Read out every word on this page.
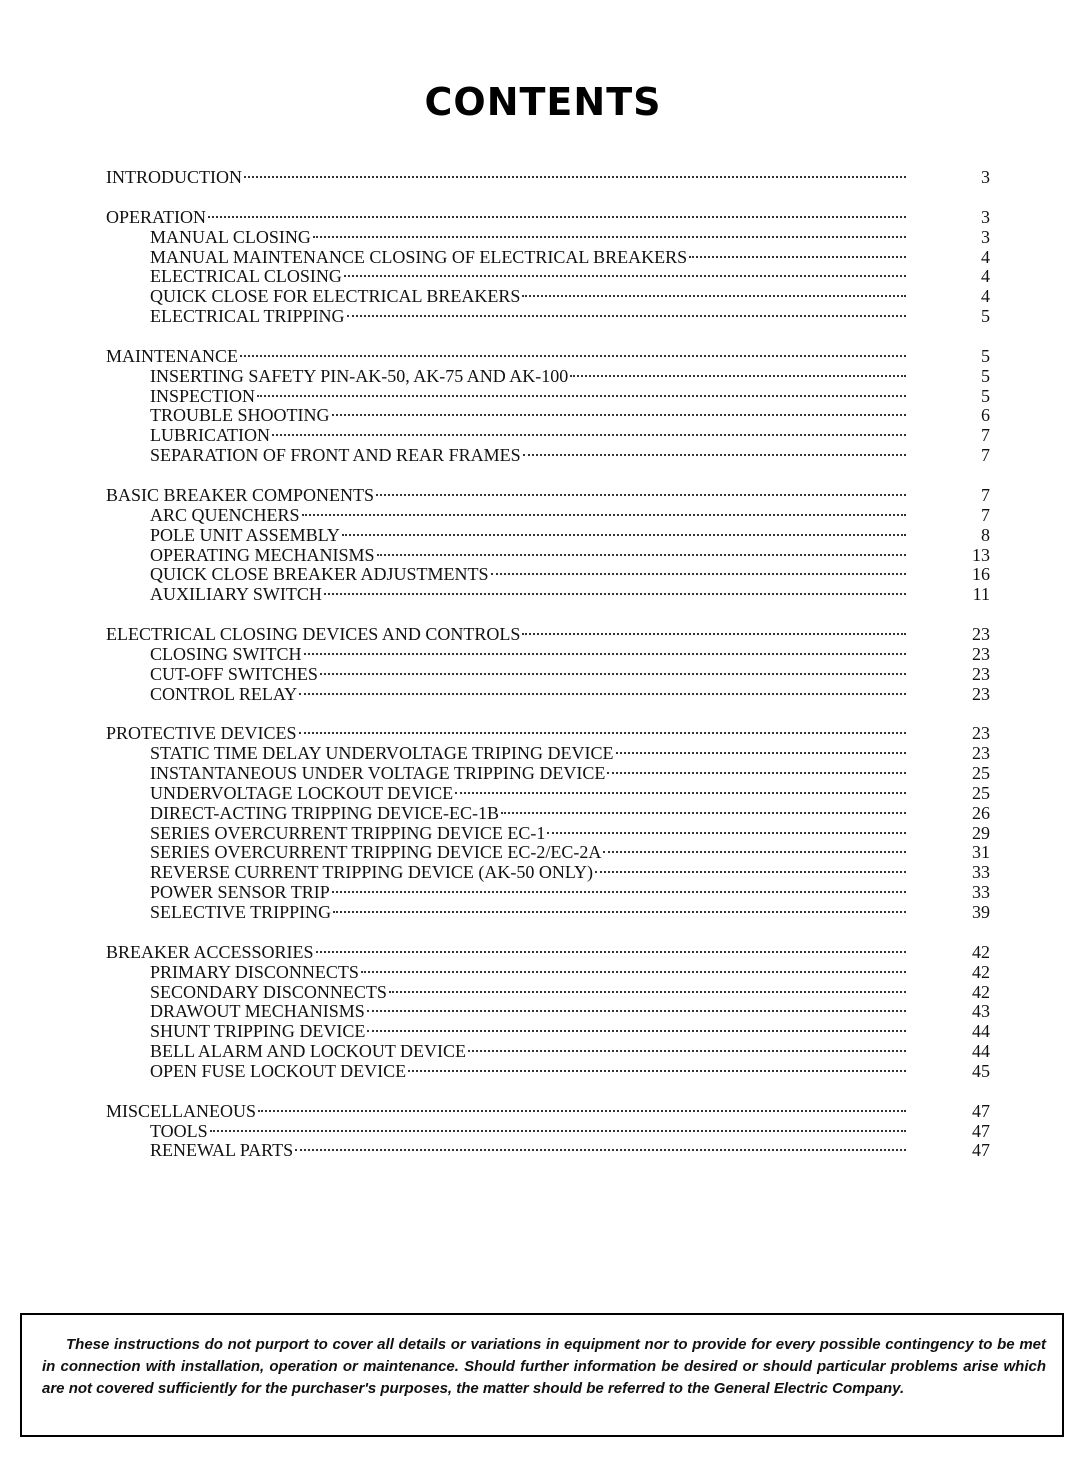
CONTENTS
INTRODUCTION	3
OPERATION	3
MANUAL CLOSING	3
MANUAL MAINTENANCE CLOSING OF ELECTRICAL BREAKERS	4
ELECTRICAL CLOSING	4
QUICK CLOSE FOR ELECTRICAL BREAKERS	4
ELECTRICAL TRIPPING	5
MAINTENANCE	5
INSERTING SAFETY PIN-AK-50, AK-75 AND AK-100	5
INSPECTION	5
TROUBLE SHOOTING	6
LUBRICATION	7
SEPARATION OF FRONT AND REAR FRAMES	7
BASIC BREAKER COMPONENTS	7
ARC QUENCHERS	7
POLE UNIT ASSEMBLY	8
OPERATING MECHANISMS	13
QUICK CLOSE BREAKER ADJUSTMENTS	16
AUXILIARY SWITCH	11
ELECTRICAL CLOSING DEVICES AND CONTROLS	23
CLOSING SWITCH	23
CUT-OFF SWITCHES	23
CONTROL RELAY	23
PROTECTIVE DEVICES	23
STATIC TIME DELAY UNDERVOLTAGE TRIPING DEVICE	23
INSTANTANEOUS UNDER VOLTAGE TRIPPING DEVICE	25
UNDERVOLTAGE LOCKOUT DEVICE	25
DIRECT-ACTING TRIPPING DEVICE-EC-1B	26
SERIES OVERCURRENT TRIPPING DEVICE EC-1	29
SERIES OVERCURRENT TRIPPING DEVICE EC-2/EC-2A	31
REVERSE CURRENT TRIPPING DEVICE (AK-50 ONLY)	33
POWER SENSOR TRIP	33
SELECTIVE TRIPPING	39
BREAKER ACCESSORIES	42
PRIMARY DISCONNECTS	42
SECONDARY DISCONNECTS	42
DRAWOUT MECHANISMS	43
SHUNT TRIPPING DEVICE	44
BELL ALARM AND LOCKOUT DEVICE	44
OPEN FUSE LOCKOUT DEVICE	45
MISCELLANEOUS	47
TOOLS	47
RENEWAL PARTS	47

These instructions do not purport to cover all details or variations in equipment nor to provide for every possible contingency to be met in connection with installation, operation or maintenance. Should further information be desired or should particular problems arise which are not covered sufficiently for the purchaser's purposes, the matter should be referred to the General Electric Company.
